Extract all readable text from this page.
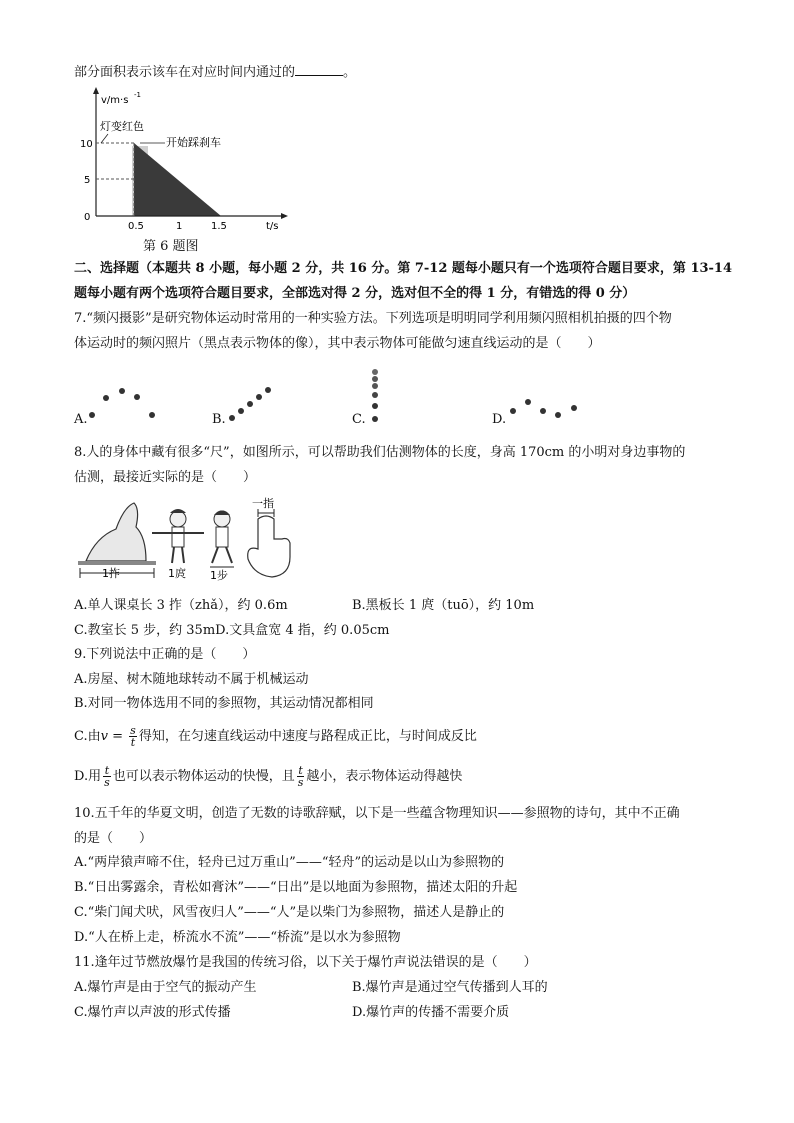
部分面积表示该车在对应时间内通过的	。
v/m·s -1
灯变红色
开始踩刹车
10
5
0
0.5	1	1.5	t/s
第 6 题图
二、选择题（本题共 8 小题，每小题 2 分，共 16 分。第 7-12 题每小题只有一个选项符合题目要求，第 13-14
题每小题有两个选项符合题目要求，全部选对得 2 分，选对但不全的得 1 分，有错选的得 0 分）
7.“频闪摄影”是研究物体运动时常用的一种实验方法。下列选项是明明同学利用频闪照相机拍摄的四个物
体运动时的频闪照片（黑点表示物体的像），其中表示物体可能做匀速直线运动的是（　　）
A.	B.	C.	D.
8.人的身体中藏有很多“尺”，如图所示，可以帮助我们估测物体的长度，身高 170cm 的小明对身边事物的
估测，最接近实际的是（　　）
1拃	1庹 1步
一指
A.单人课桌长 3 拃（zhǎ），约 0.6m	B.黑板长 1 庹（tuō），约 10m
C.教室长 5 步，约 35mD.文具盒宽 4 指，约 0.05cm
9.下列说法中正确的是（　　）
A.房屋、树木随地球转动不属于机械运动
B.对同一物体选用不同的参照物，其运动情况都相同
C.由$v = \frac{s}{t}$ 得知，在匀速直线运动中速度与路程成正比，与时间成反比
D.用 $\frac{t}{s}$ 也可以表示物体运动的快慢，且 $\frac{t}{s}$ 越小，表示物体运动得越快
10.五千年的华夏文明，创造了无数的诗歌辞赋，以下是一些蕴含物理知识——参照物的诗句，其中不正确
的是（　　）
A.“两岸猿声啼不住，轻舟已过万重山”——“轻舟”的运动是以山为参照物的
B.“日出雾露余，青松如膏沐”——“日出”是以地面为参照物，描述太阳的升起
C.“柴门闻犬吠，风雪夜归人”——“人”是以柴门为参照物，描述人是静止的
D.“人在桥上走，桥流水不流”——“桥流”是以水为参照物
11.逢年过节燃放爆竹是我国的传统习俗，以下关于爆竹声说法错误的是（　　）
A.爆竹声是由于空气的振动产生	B.爆竹声是通过空气传播到人耳的
C.爆竹声以声波的形式传播	D.爆竹声的传播不需要介质
